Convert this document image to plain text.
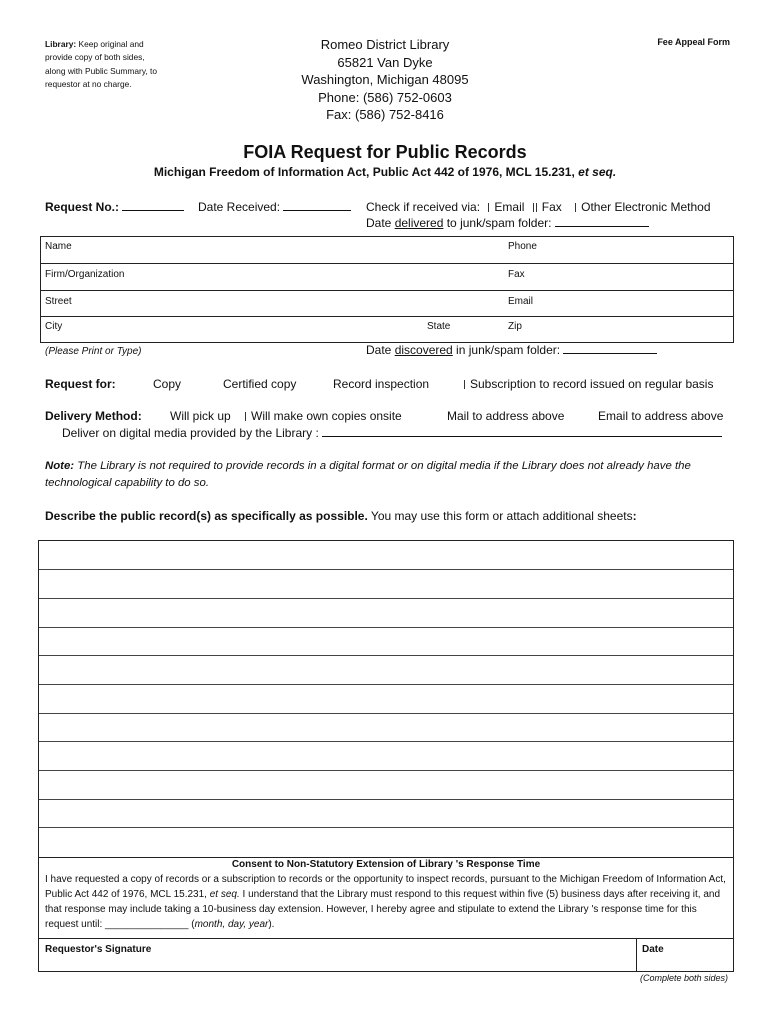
Library: Keep original and provide copy of both sides, along with Public Summary, to requestor at no charge.
Romeo District Library
65821 Van Dyke
Washington, Michigan 48095
Phone: (586) 752-0603
Fax: (586) 752-8416
Fee Appeal Form
FOIA Request for Public Records
Michigan Freedom of Information Act, Public Act 442 of 1976, MCL 15.231, et seq.
Request No.:	Date Received:	Check if received via: Email Fax Other Electronic Method
Date delivered to junk/spam folder:
Name	Phone
Firm/Organization	Fax
Street	Email
City	State	Zip
(Please Print or Type)	Date discovered in junk/spam folder:
Request for:	Copy	Certified copy	Record inspection	Subscription to record issued on regular basis
Delivery Method: Will pick up	Will make own copies onsite	Mail to address above	Email to address above
Deliver on digital media provided by the Library :
Note: The Library is not required to provide records in a digital format or on digital media if the Library does not already have the technological capability to do so.
Describe the public record(s) as specifically as possible. You may use this form or attach additional sheets:
Consent to Non-Statutory Extension of Library 's Response Time
I have requested a copy of records or a subscription to records or the opportunity to inspect records, pursuant to the Michigan Freedom of Information Act, Public Act 442 of 1976, MCL 15.231, et seq. I understand that the Library must respond to this request within five (5) business days after receiving it, and that response may include taking a 10-business day extension. However, I hereby agree and stipulate to extend the Library 's response time for this request until: _______________ (month, day, year).
Requestor's Signature	Date
(Complete both sides)
